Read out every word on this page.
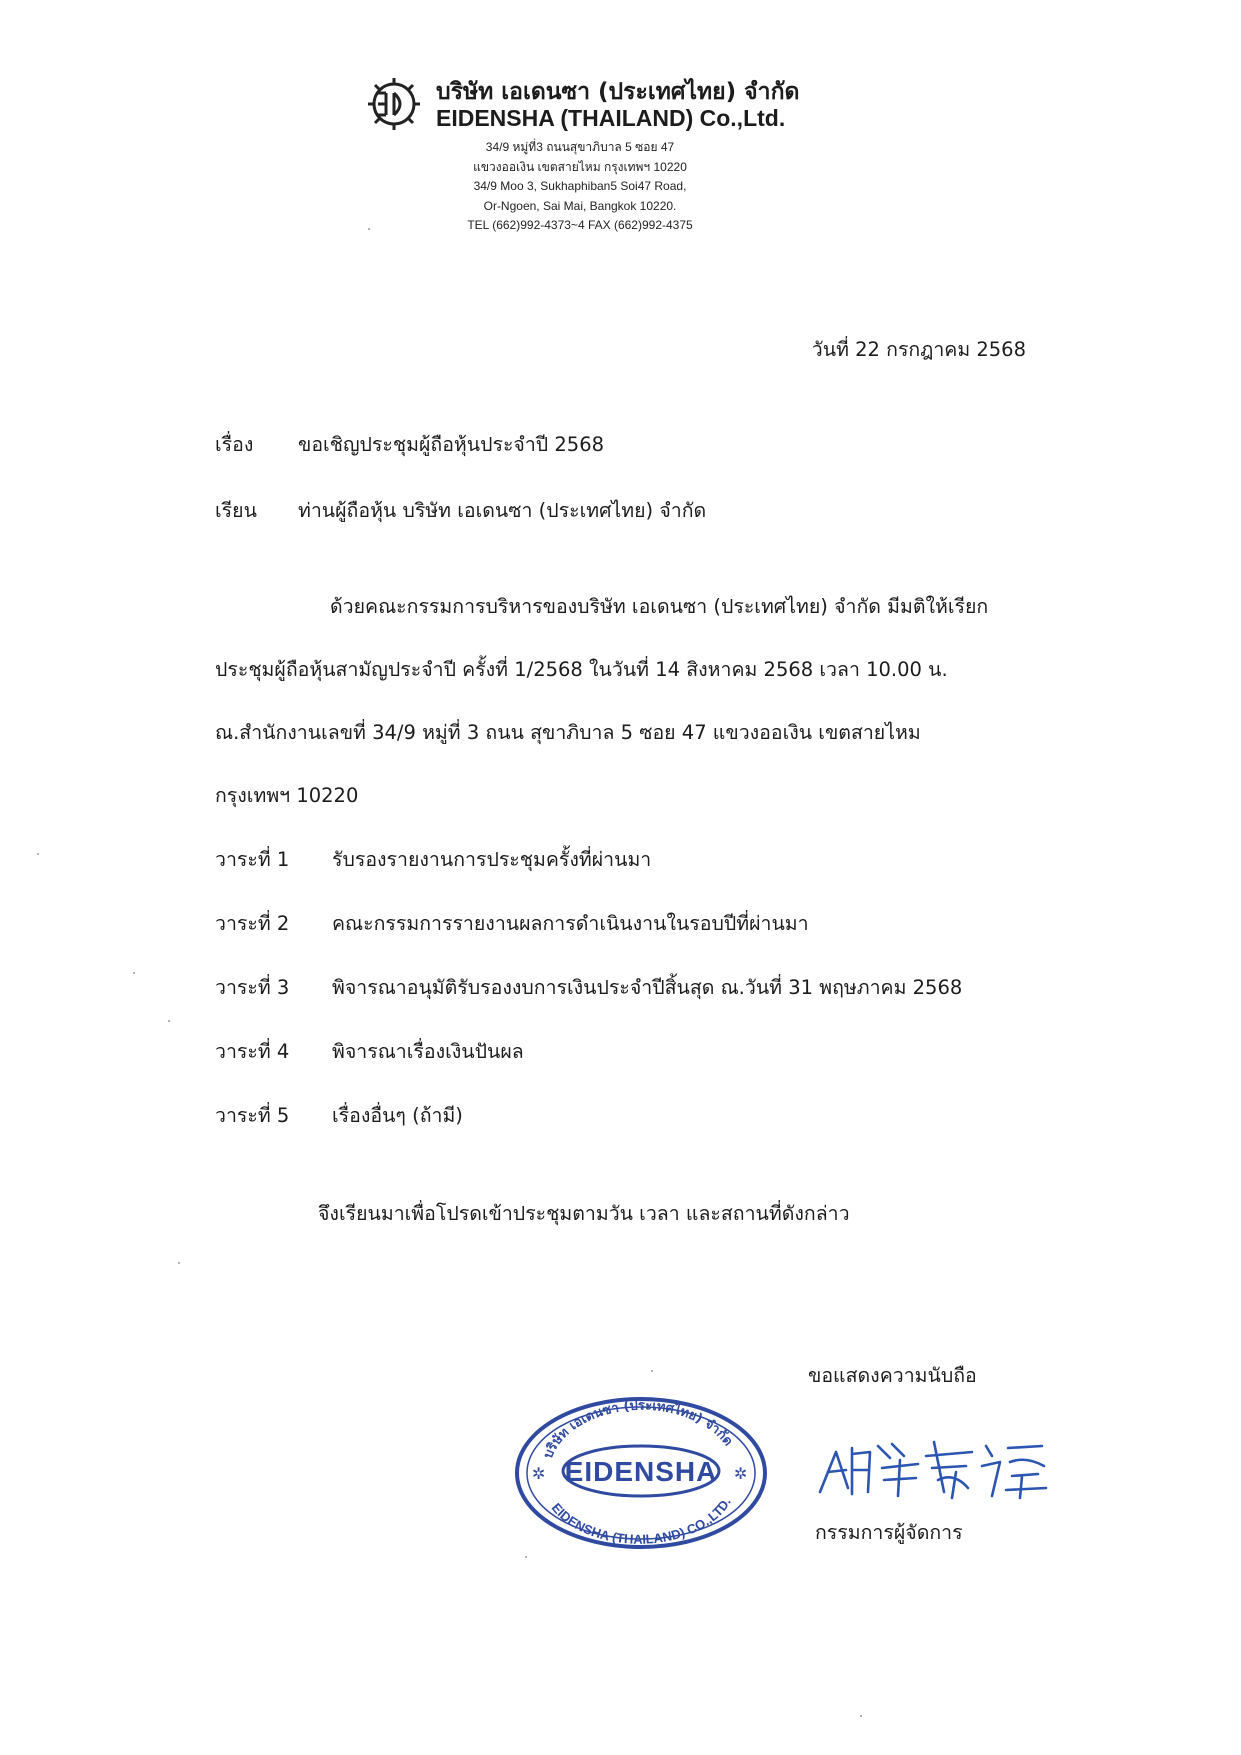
บริษัท เอเดนซา (ประเทศไทย) จำกัด
EIDENSHA (THAILAND) Co.,Ltd.
34/9 หมู่ที่3 ถนนสุขาภิบาล 5 ซอย 47
แขวงออเงิน เขตสายไหม กรุงเทพฯ 10220
34/9 Moo 3, Sukhaphiban5 Soi47 Road,
Or-Ngoen, Sai Mai, Bangkok 10220.
TEL (662)992-4373~4 FAX (662)992-4375
วันที่ 22 กรกฎาคม 2568
เรื่อง ขอเชิญประชุมผู้ถือหุ้นประจำปี 2568
เรียน ท่านผู้ถือหุ้น บริษัท เอเดนซา (ประเทศไทย) จำกัด
ด้วยคณะกรรมการบริหารของบริษัท เอเดนซา (ประเทศไทย) จำกัด มีมติให้เรียก
ประชุมผู้ถือหุ้นสามัญประจำปี ครั้งที่ 1/2568 ในวันที่ 14 สิงหาคม 2568 เวลา 10.00 น.
ณ.สำนักงานเลขที่ 34/9 หมู่ที่ 3 ถนน สุขาภิบาล 5 ซอย 47 แขวงออเงิน เขตสายไหม
กรุงเทพฯ 10220
วาระที่ 1 รับรองรายงานการประชุมครั้งที่ผ่านมา
วาระที่ 2 คณะกรรมการรายงานผลการดำเนินงานในรอบปีที่ผ่านมา
วาระที่ 3 พิจารณาอนุมัติรับรองงบการเงินประจำปีสิ้นสุด ณ.วันที่ 31 พฤษภาคม 2568
วาระที่ 4 พิจารณาเรื่องเงินปันผล
วาระที่ 5 เรื่องอื่นๆ (ถ้ามี)
จึงเรียนมาเพื่อโปรดเข้าประชุมตามวัน เวลา และสถานที่ดังกล่าว
ขอแสดงความนับถือ
EIDENSHA
บริษัท เอเดนซา (ประเทศไทย) จำกัด
EIDENSHA (THAILAND) CO.,LTD.
✲	✲
กรรมการผู้จัดการ
